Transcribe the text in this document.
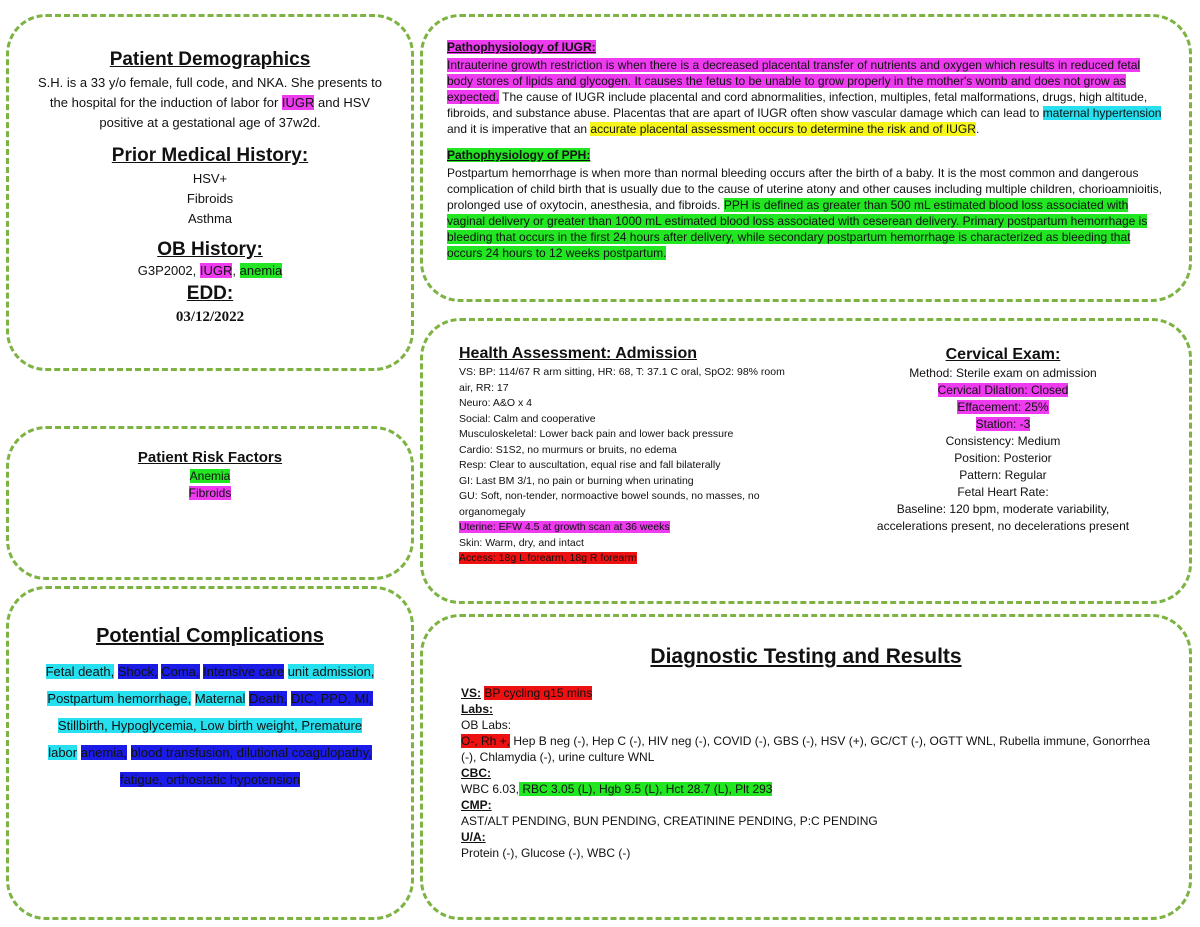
Patient Demographics
S.H. is a 33 y/o female, full code, and NKA. She presents to the hospital for the induction of labor for IUGR and HSV positive at a gestational age of 37w2d.
Prior Medical History:
HSV+
Fibroids
Asthma
OB History:
G3P2002, IUGR, anemia
EDD:
03/12/2022
Pathophysiology of IUGR:
Intrauterine growth restriction is when there is a decreased placental transfer of nutrients and oxygen which results in reduced fetal body stores of lipids and glycogen. It causes the fetus to be unable to grow properly in the mother's womb and does not grow as expected. The cause of IUGR include placental and cord abnormalities, infection, multiples, fetal malformations, drugs, high altitude, fibroids, and substance abuse. Placentas that are apart of IUGR often show vascular damage which can lead to maternal hypertension and it is imperative that an accurate placental assessment occurs to determine the risk and of IUGR.
Pathophysiology of PPH:
Postpartum hemorrhage is when more than normal bleeding occurs after the birth of a baby. It is the most common and dangerous complication of child birth that is usually due to the cause of uterine atony and other causes including multiple children, chorioamnioitis, prolonged use of oxytocin, anesthesia, and fibroids. PPH is defined as greater than 500 mL estimated blood loss associated with vaginal delivery or greater than 1000 mL estimated blood loss associated with ceserean delivery. Primary postpartum hemorrhage is bleeding that occurs in the first 24 hours after delivery, while secondary postpartum hemorrhage is characterized as bleeding that occurs 24 hours to 12 weeks postpartum.
Patient Risk Factors
Anemia
Fibroids
Health Assessment: Admission
VS: BP: 114/67 R arm sitting, HR: 68, T: 37.1 C oral, SpO2: 98% room air, RR: 17
Neuro: A&O x 4
Social: Calm and cooperative
Musculoskeletal: Lower back pain and lower back pressure
Cardio: S1S2, no murmurs or bruits, no edema
Resp: Clear to auscultation, equal rise and fall bilaterally
GI: Last BM 3/1, no pain or burning when urinating
GU: Soft, non-tender, normoactive bowel sounds, no masses, no organomegaly
Uterine: EFW 4.5 at growth scan at 36 weeks
Skin: Warm, dry, and intact
Access: 18g L forearm, 18g R forearm
Cervical Exam:
Method: Sterile exam on admission
Cervical Dilation: Closed
Effacement: 25%
Station: -3
Consistency: Medium
Position: Posterior
Pattern: Regular
Fetal Heart Rate:
Baseline: 120 bpm, moderate variability, accelerations present, no decelerations present
Potential Complications
Fetal death, Shock, Coma, Intensive care unit admission, Postpartum hemorrhage, Maternal Death, DIC, PPD, MI, Stillbirth, Hypoglycemia, Low birth weight, Premature labor anemia, blood transfusion, dilutional coagulopathy, fatigue, orthostatic hypotension
Diagnostic Testing and Results
VS: BP cycling q15 mins
Labs:
OB Labs:
O-, Rh +, Hep B neg (-), Hep C (-), HIV neg (-), COVID (-), GBS (-), HSV (+), GC/CT (-), OGTT WNL, Rubella immune, Gonorrhea (-), Chlamydia (-), urine culture WNL
CBC:
WBC 6.03, RBC 3.05 (L), Hgb 9.5 (L), Hct 28.7 (L), Plt 293
CMP:
AST/ALT PENDING, BUN PENDING, CREATININE PENDING, P:C PENDING
U/A:
Protein (-), Glucose (-), WBC (-)
